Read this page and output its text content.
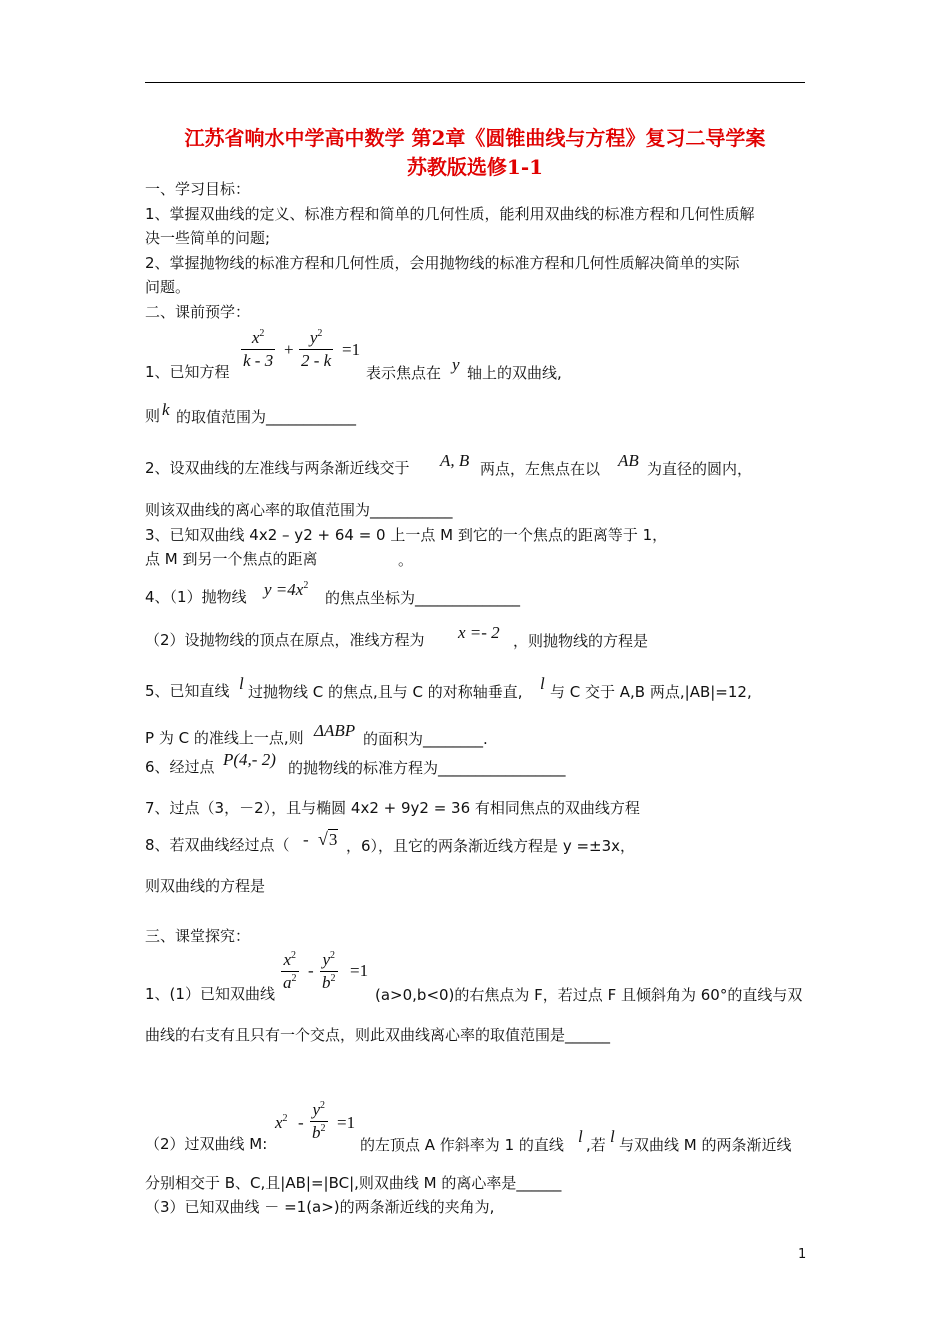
江苏省响水中学高中数学 第2章《圆锥曲线与方程》复习二导学案
苏教版选修1-1
一、学习目标：
1、掌握双曲线的定义、标准方程和简单的几何性质，能利用双曲线的标准方程和几何性质解
决一些简单的问题;
2、掌握抛物线的标准方程和几何性质，会用抛物线的标准方程和几何性质解决简单的实际
问题。
二、课前预学：
1、已知方程
$\frac{x^2}{k - 3} + \frac{y^2}{2 - k} =1$
表示焦点在 y 轴上的双曲线,
则 k 的取值范围为____________
2、设双曲线的左准线与两条渐近线交于 A, B 两点，左焦点在以 AB 为直径的圆内，
则该双曲线的离心率的取值范围为___________
3、已知双曲线 4x2 – y2 + 64 = 0 上一点 M 到它的一个焦点的距离等于 1，
点 M 到另一个焦点的距离	。
4、（1）抛物线 $y =4x^2$
的焦点坐标为______________
（2）设抛物线的顶点在原点，准线方程为 x =- 2 ，则抛物线的方程是
5、已知直线 l 过抛物线 C 的焦点,且与 C 的对称轴垂直, l 与 C 交于 A,B 两点,|AB|=12,
P 为 C 的准线上一点,则 ΔABP 的面积为________.
6、经过点 P(4,- 2) 的抛物线的标准方程为_________________
7、过点（3，－2），且与椭圆 4x2 + 9y2 = 36 有相同焦点的双曲线方程
8、若双曲线经过点（ - √3 ，6），且它的两条渐近线方程是 y =±3x，
则双曲线的方程是
三、课堂探究：
1、(1）已知双曲线
$\frac{x^2}{a^2} - \frac{y^2}{b^2} =1$
(a>0,b<0)的右焦点为 F，若过点 F 且倾斜角为 60°的直线与双
曲线的右支有且只有一个交点，则此双曲线离心率的取值范围是______
（2）过双曲线 M:
$x^2 - \frac{y^2}{b^2} =1$
的左顶点 A 作斜率为 1 的直线 l ,若 l 与双曲线 M 的两条渐近线
分别相交于 B、C,且|AB|=|BC|,则双曲线 M 的离心率是______
（3）已知双曲线 － =1(a>)的两条渐近线的夹角为,
1
